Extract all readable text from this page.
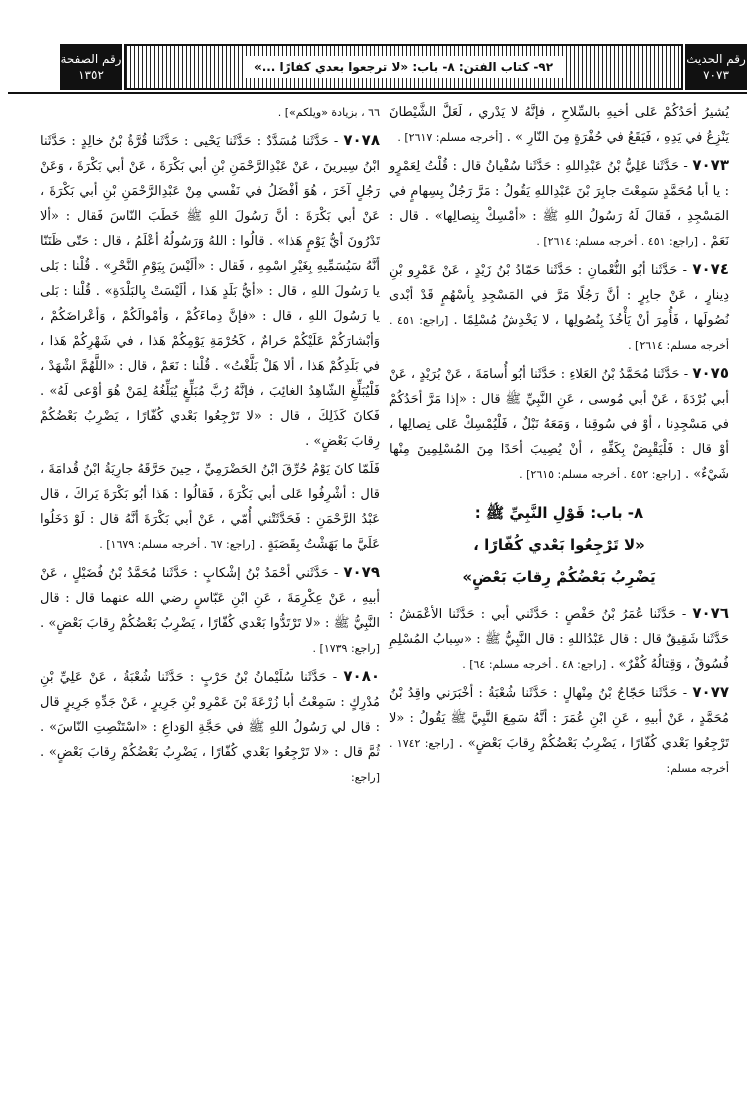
رقم الصفحة
١٣٥٢
٩٢- كتاب الفتن: ٨- باب: «لا ترجعوا بعدي كفارًا ...»
رقم الحديث
٧٠٧٣

يُشيرُ أحَدُكُمْ عَلى أخيهِ بالسِّلاحِ ، فإنَّهُ لا يَدْري ، لَعَلَّ الشَّيْطانَ يَنْزِعُ في يَدِهِ ، فَيَقَعُ في حُفْرَةٍ مِنَ النّارِ » . [أخرجه مسلم: ٢٦١٧] .

٧٠٧٣ - حَدَّثَنا عَلِيُّ بْنُ عَبْدِاللهِ : حَدَّثَنا سُفْيانُ قال : قُلْتُ لِعَمْرٍو : يا أبا مُحَمَّدٍ سَمِعْتَ جابِرَ بْنَ عَبْدِاللهِ يَقُولُ : مَرَّ رَجُلٌ بِسِهامٍ في المَسْجِدِ ، فَقالَ لَهُ رَسُولُ اللهِ ﷺ : «أمْسِكْ بِنِصالِها» . قال : نَعَمْ . [راجع: ٤٥١ . أخرجه مسلم: ٢٦١٤] .

٧٠٧٤ - حَدَّثَنا أبُو النُّعْمانِ : حَدَّثَنا حَمّادُ بْنُ زَيْدٍ ، عَنْ عَمْرِو بْنِ دِينارٍ ، عَنْ جابِرٍ : أنَّ رَجُلًا مَرَّ في المَسْجِدِ بِأسْهُمٍ قَدْ أبْدى نُصُولَها ، فَأُمِرَ أنْ يَأْخُذَ بِنُصُولِها ، لا يَخْدِشُ مُسْلِمًا . [راجع: ٤٥١ . أخرجه مسلم: ٢٦١٤] .

٧٠٧٥ - حَدَّثَنا مُحَمَّدُ بْنُ العَلاءِ : حَدَّثَنا أبُو أُسامَةَ ، عَنْ بُرَيْدٍ ، عَنْ أبي بُرْدَةَ ، عَنْ أبي مُوسى ، عَنِ النَّبِيِّ ﷺ قال : «إذا مَرَّ أحَدُكُمْ في مَسْجِدِنا ، أوْ في سُوقِنا ، وَمَعَهُ نَبْلٌ ، فَلْيُمْسِكْ عَلى نِصالِها ، أوْ قال : فَلْيَقْبِضْ بِكَفِّهِ ، أنْ يُصِيبَ أحَدًا مِنَ المُسْلِمِينَ مِنْها شَيْءٌ» . [راجع: ٤٥٢ . أخرجه مسلم: ٢٦١٥] .

٨- باب: قَوْلِ النَّبِيِّ ﷺ :
«لا تَرْجِعُوا بَعْدي كُفّارًا ،
يَضْرِبُ بَعْضُكُمْ رِقابَ بَعْضٍ»

٧٠٧٦ - حَدَّثَنا عُمَرُ بْنُ حَفْصٍ : حَدَّثَني أبي : حَدَّثَنا الأعْمَشُ : حَدَّثَنا شَقِيقٌ قال : قال عَبْدُاللهِ : قال النَّبِيُّ ﷺ : «سِبابُ المُسْلِمِ فُسُوقٌ ، وَقِتالُهُ كُفْرٌ» . [راجع: ٤٨ . أخرجه مسلم: ٦٤] .

٧٠٧٧ - حَدَّثَنا حَجّاجُ بْنُ مِنْهالٍ : حَدَّثَنا شُعْبَةُ : أخْبَرَني واقِدُ بْنُ مُحَمَّدٍ ، عَنْ أبيهِ ، عَنِ ابْنِ عُمَرَ : أنَّهُ سَمِعَ النَّبِيَّ ﷺ يَقُولُ : «لا تَرْجِعُوا بَعْدي كُفّارًا ، يَضْرِبُ بَعْضُكُمْ رِقابَ بَعْضٍ» . [راجع: ١٧٤٢ . أخرجه مسلم:

٦٦ ، بزيادة «ويلكم»] .

٧٠٧٨ - حَدَّثَنا مُسَدَّدٌ : حَدَّثَنا يَحْيى : حَدَّثَنا قُرَّةُ بْنُ خالِدٍ : حَدَّثَنا ابْنُ سِيرينَ ، عَنْ عَبْدِالرَّحْمَنِ بْنِ أبي بَكْرَةَ ، عَنْ أبي بَكْرَةَ ، وَعَنْ رَجُلٍ آخَرَ ، هُوَ أفْضَلُ في نَفْسي مِنْ عَبْدِالرَّحْمَنِ بْنِ أبي بَكْرَةَ ، عَنْ أبي بَكْرَةَ : أنَّ رَسُولَ اللهِ ﷺ خَطَبَ النّاسَ فَقال : «ألا تَدْرُونَ أيُّ يَوْمٍ هَذا» . قالُوا : اللهُ وَرَسُولُهُ أعْلَمُ ، قال : حَتّى ظَنَنّا أنَّهُ سَيُسَمِّيهِ بِغَيْرِ اسْمِهِ ، فَقال : «ألَيْسَ بِيَوْمِ النَّحْرِ» . قُلْنا : بَلى يا رَسُولَ اللهِ ، قال : «أيُّ بَلَدٍ هَذا ، ألَيْسَتْ بِالبَلْدَةِ» . قُلْنا : بَلى يا رَسُولَ اللهِ ، قال : «فإنَّ دِماءَكُمْ ، وَأمْوالَكُمْ ، وَأعْراضَكُمْ ، وَأبْشارَكُمْ عَلَيْكُمْ حَرامٌ ، كَحُرْمَةِ يَوْمِكُمْ هَذا ، في شَهْرِكُمْ هَذا ، في بَلَدِكُمْ هَذا ، ألا هَلْ بَلَّغْتُ» . قُلْنا : نَعَمْ ، قال : «اللَّهُمَّ اشْهَدْ ، فَلْيُبَلِّغِ الشّاهِدُ الغائِبَ ، فإنَّهُ رُبَّ مُبَلِّغٍ يُبَلِّغُهُ لِمَنْ هُوَ أوْعى لَهُ» . فَكانَ كَذَلِكَ ، قال : «لا تَرْجِعُوا بَعْدي كُفّارًا ، يَضْرِبُ بَعْضُكُمْ رِقابَ بَعْضٍ» .

فَلَمّا كانَ يَوْمُ حُرِّقَ ابْنُ الحَضْرَمِيِّ ، حِينَ حَرَّقَهُ جارِيَةُ ابْنُ قُدامَةَ ، قال : أشْرِفُوا عَلى أبي بَكْرَةَ ، فَقالُوا : هَذا أبُو بَكْرَةَ يَراكَ ، قال عَبْدُ الرَّحْمَنِ : فَحَدَّثَتْني أُمّي ، عَنْ أبي بَكْرَةَ أنَّهُ قال : لَوْ دَخَلُوا عَلَيَّ ما بَهَشْتُ بِقَصَبَةٍ . [راجع: ٦٧ . أخرجه مسلم: ١٦٧٩] .

٧٠٧٩ - حَدَّثَني أحْمَدُ بْنُ إشْكابٍ : حَدَّثَنا مُحَمَّدُ بْنُ فُضَيْلٍ ، عَنْ أبيهِ ، عَنْ عِكْرِمَةَ ، عَنِ ابْنِ عَبّاسٍ رضي الله عنهما قال : قال النَّبِيُّ ﷺ : «لا تَرْتَدُّوا بَعْدي كُفّارًا ، يَضْرِبُ بَعْضُكُمْ رِقابَ بَعْضٍ» . [راجع: ١٧٣٩] .

٧٠٨٠ - حَدَّثَنا سُلَيْمانُ بْنُ حَرْبٍ : حَدَّثَنا شُعْبَةُ ، عَنْ عَلِيِّ بْنِ مُدْرِكٍ : سَمِعْتُ أبا زُرْعَةَ بْنَ عَمْرِو بْنِ جَرِيرٍ ، عَنْ جَدِّهِ جَرِيرٍ قال : قال لي رَسُولُ اللهِ ﷺ في حَجَّةِ الوَداعِ : «اسْتَنْصِتِ النّاسَ» . ثُمَّ قال : «لا تَرْجِعُوا بَعْدي كُفّارًا ، يَضْرِبُ بَعْضُكُمْ رِقابَ بَعْضٍ» . [راجع:
